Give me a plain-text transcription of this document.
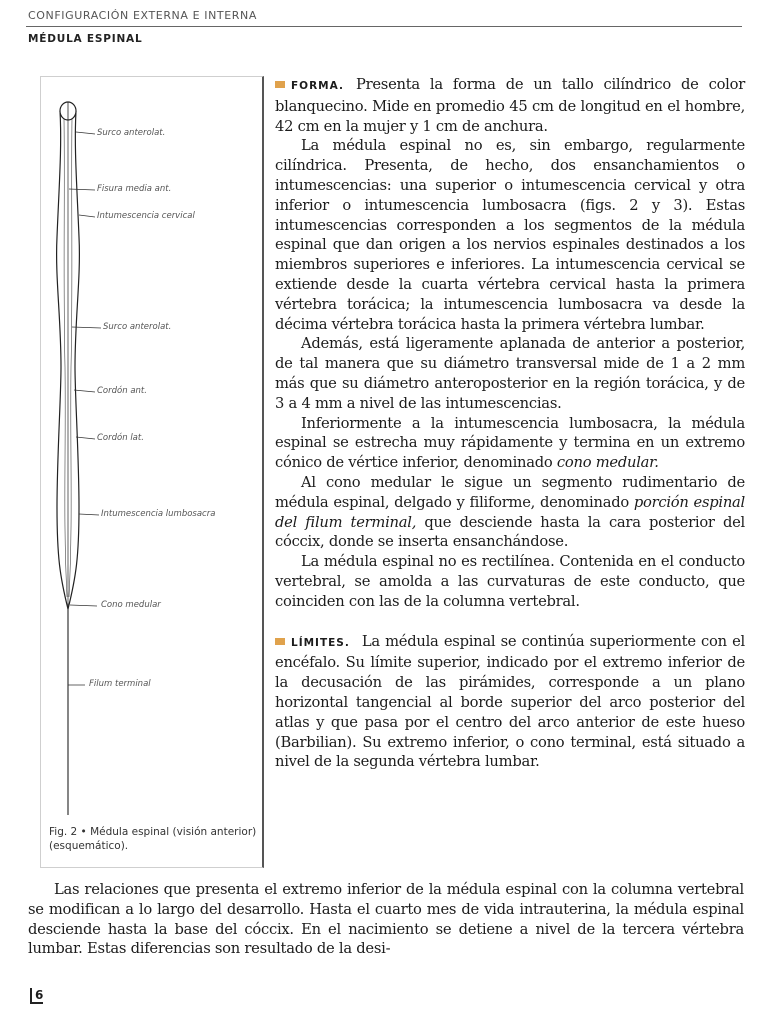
CONFIGURACIÓN EXTERNA E INTERNA
MÉDULA ESPINAL
Surco anterolat.
Fisura media ant.
Intumescencia cervical
Surco anterolat.
Cordón ant.
Cordón lat.
Intumescencia lumbosacra
Cono medular
Filum terminal

Fig. 2 • Médula espinal (visión anterior) (esquemático).

FORMA. Presenta la forma de un tallo cilíndrico de color blanquecino. Mide en promedio 45 cm de longitud en el hombre, 42 cm en la mujer y 1 cm de anchura.

La médula espinal no es, sin embargo, regularmente cilíndrica. Presenta, de hecho, dos ensanchamientos o intumescencias: una superior o intumescencia cervical y otra inferior o intumescencia lumbosacra (figs. 2 y 3). Estas intumescencias corresponden a los segmentos de la médula espinal que dan origen a los nervios espinales destinados a los miembros superiores e inferiores. La intumescencia cervical se extiende desde la cuarta vértebra cervical hasta la primera vértebra torácica; la intumescencia lumbosacra va desde la décima vértebra torácica hasta la primera vértebra lumbar.

Además, está ligeramente aplanada de anterior a posterior, de tal manera que su diámetro transversal mide de 1 a 2 mm más que su diámetro anteroposterior en la región torácica, y de 3 a 4 mm a nivel de las intumescencias.

Inferiormente a la intumescencia lumbosacra, la médula espinal se estrecha muy rápidamente y termina en un extremo cónico de vértice inferior, denominado cono medular.

Al cono medular le sigue un segmento rudimentario de médula espinal, delgado y filiforme, denominado porción espinal del filum terminal, que desciende hasta la cara posterior del cóccix, donde se inserta ensanchándose.

La médula espinal no es rectilínea. Contenida en el conducto vertebral, se amolda a las curvaturas de este conducto, que coinciden con las de la columna vertebral.

LÍMITES. La médula espinal se continúa superiormente con el encéfalo. Su límite superior, indicado por el extremo inferior de la decusación de las pirámides, corresponde a un plano horizontal tangencial al borde superior del arco posterior del atlas y que pasa por el centro del arco anterior de este hueso (Barbilian). Su extremo inferior, o cono terminal, está situado a nivel de la segunda vértebra lumbar.

Las relaciones que presenta el extremo inferior de la médula espinal con la columna vertebral se modifican a lo largo del desarrollo. Hasta el cuarto mes de vida intrauterina, la médula espinal desciende hasta la base del cóccix. En el nacimiento se detiene a nivel de la tercera vértebra lumbar. Estas diferencias son resultado de la desi-

6
